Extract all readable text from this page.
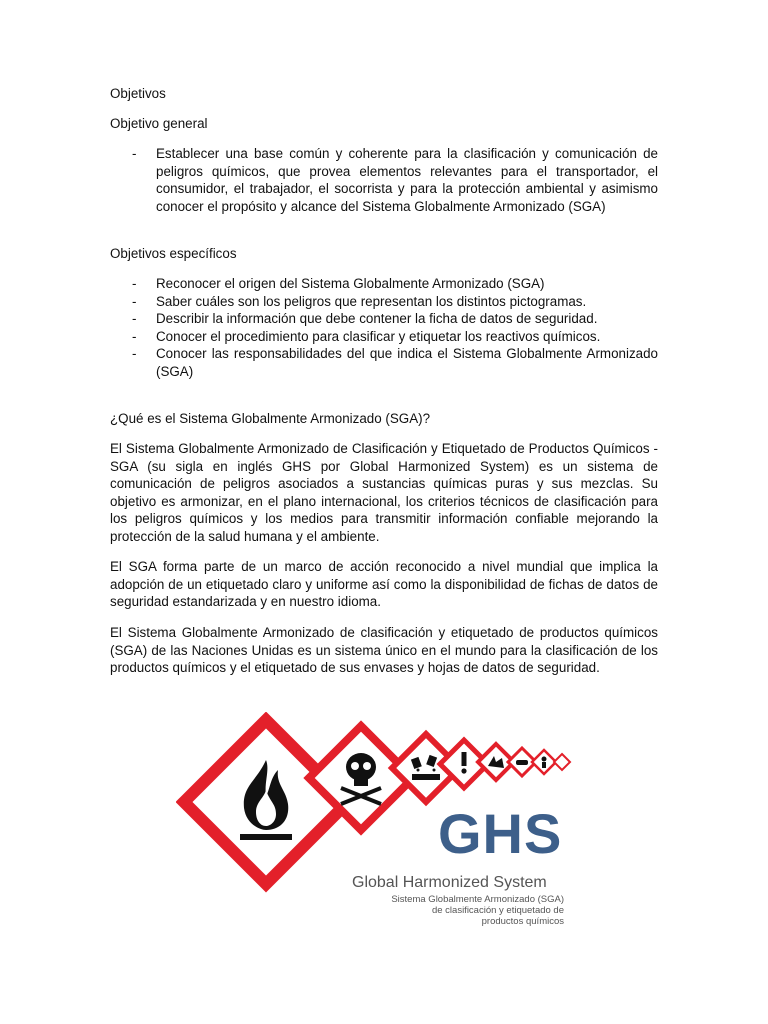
Objetivos

Objetivo general

- Establecer una base común y coherente para la clasificación y comunicación de peligros químicos, que provea elementos relevantes para el transportador, el consumidor, el trabajador, el socorrista y para la protección ambiental y asimismo conocer el propósito y alcance del Sistema Globalmente Armonizado (SGA)

Objetivos específicos

- Reconocer el origen del Sistema Globalmente Armonizado (SGA)
- Saber cuáles son los peligros que representan los distintos pictogramas.
- Describir la información que debe contener la ficha de datos de seguridad.
- Conocer el procedimiento para clasificar y etiquetar los reactivos químicos.
- Conocer las responsabilidades del que indica el Sistema Globalmente Armonizado (SGA)

¿Qué es el Sistema Globalmente Armonizado (SGA)?

El Sistema Globalmente Armonizado de Clasificación y Etiquetado de Productos Químicos - SGA (su sigla en inglés GHS por Global Harmonized System) es un sistema de comunicación de peligros asociados a sustancias químicas puras y sus mezclas. Su objetivo es armonizar, en el plano internacional, los criterios técnicos de clasificación para los peligros químicos y los medios para transmitir información confiable mejorando la protección de la salud humana y el ambiente.

El SGA forma parte de un marco de acción reconocido a nivel mundial que implica la adopción de un etiquetado claro y uniforme así como la disponibilidad de fichas de datos de seguridad estandarizada y en nuestro idioma.

El Sistema Globalmente Armonizado de clasificación y etiquetado de productos químicos (SGA) de las Naciones Unidas es un sistema único en el mundo para la clasificación de los productos químicos y el etiquetado de sus envases y hojas de datos de seguridad.

GHS
Global Harmonized System
Sistema Globalmente Armonizado (SGA)
de clasificación y etiquetado de
productos químicos
